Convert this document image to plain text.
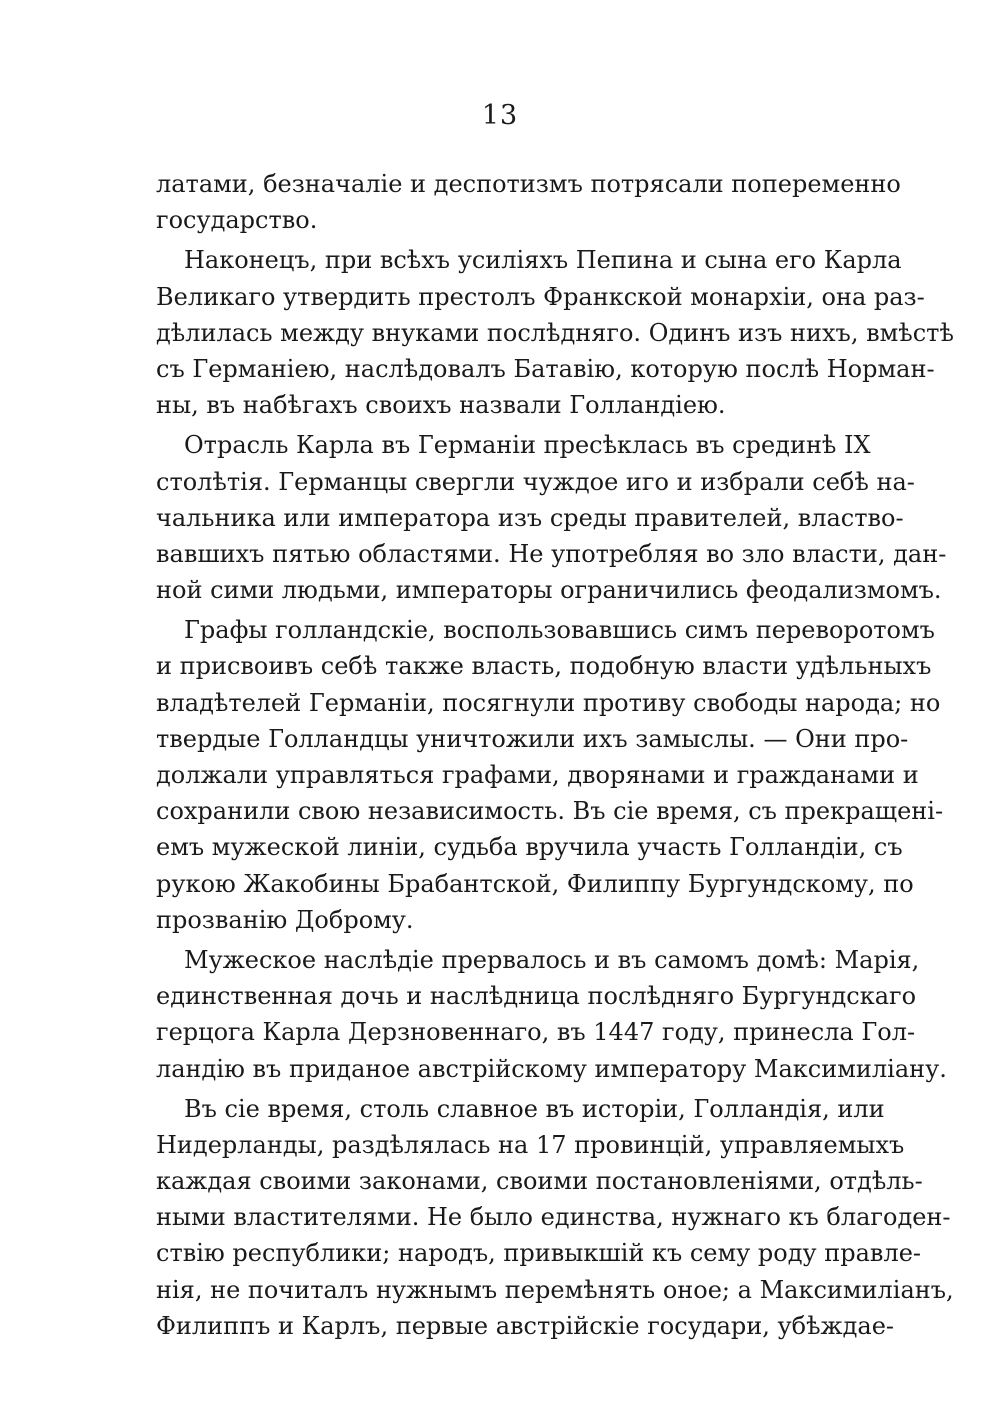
13
латами, безначаліе и деспотизмъ потрясали попеременно
государство.
Наконецъ, при всѣхъ усиліяхъ Пепина и сына его Карла
Великаго утвердить престолъ Франкской монархіи, она раз-
дѣлилась между внуками послѣдняго. Одинъ изъ нихъ, вмѣстѣ
съ Германіею, наслѣдовалъ Батавію, которую послѣ Норман-
ны, въ набѣгахъ своихъ назвали Голландіею.
Отрасль Карла въ Германіи пресѣклась въ срединѣ IX
столѣтія. Германцы свергли чуждое иго и избрали себѣ на-
чальника или императора изъ среды правителей, властво-
вавшихъ пятью областями. Не употребляя во зло власти, дан-
ной сими людьми, императоры ограничились феодализмомъ.
Графы голландскіе, воспользовавшись симъ переворотомъ
и присвоивъ себѣ также власть, подобную власти удѣльныхъ
владѣтелей Германіи, посягнули противу свободы народа; но
твердые Голландцы уничтожили ихъ замыслы. — Они про-
должали управляться графами, дворянами и гражданами и
сохранили свою независимость. Въ сіе время, съ прекращені-
емъ мужеской линіи, судьба вручила участь Голландіи, съ
рукою Жакобины Брабантской, Филиппу Бургундскому, по
прозванію Доброму.
Мужеское наслѣдіе прервалось и въ самомъ домѣ: Марія,
единственная дочь и наслѣдница послѣдняго Бургундскаго
герцога Карла Дерзновеннаго, въ 1447 году, принесла Гол-
ландію въ приданое австрійскому императору Максимиліану.
Въ сіе время, столь славное въ исторіи, Голландія, или
Нидерланды, раздѣлялась на 17 провинцій, управляемыхъ
каждая своими законами, своими постановленіями, отдѣль-
ными властителями. Не было единства, нужнаго къ благоден-
ствію республики; народъ, привыкшій къ сему роду правле-
нія, не почиталъ нужнымъ перемѣнять оное; а Максимиліанъ,
Филиппъ и Карлъ, первые австрійскіе государи, убѣждае-
